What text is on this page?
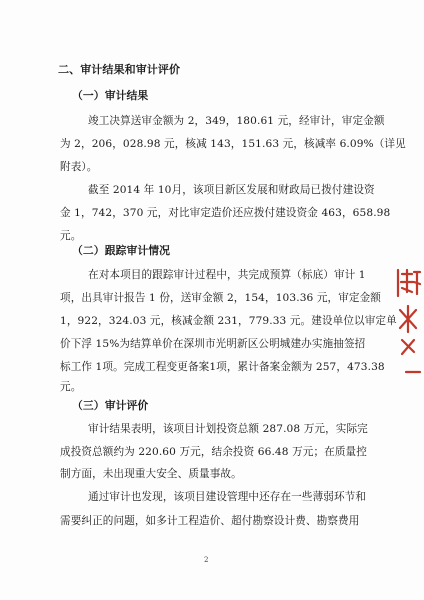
二、审计结果和审计评价
（一）审计结果
竣工决算送审金额为 2，349，180.61 元，经审计，审定金额
为 2，206，028.98 元，核减 143，151.63 元，核减率 6.09%（详见
附表）。
截至 2014 年 10月，该项目新区发展和财政局已拨付建设资
金 1，742，370 元，对比审定造价还应拨付建设资金 463，658.98
元。
（二）跟踪审计情况
在对本项目的跟踪审计过程中，共完成预算（标底）审计 1
项，出具审计报告 1 份，送审金额 2，154，103.36 元，审定金额
1，922，324.03 元，核减金额 231，779.33 元。建设单位以审定单
价下浮 15%为结算单价在深圳市光明新区公明城建办实施抽签招
标工作 1项。完成工程变更备案1项，累计备案金额为 257，473.38
元。
（三）审计评价
审计结果表明，该项目计划投资总额 287.08 万元，实际完
成投资总额约为 220.60 万元，结余投资 66.48 万元；在质量控
制方面，未出现重大安全、质量事故。
通过审计也发现，该项目建设管理中还存在一些薄弱环节和
需要纠正的问题，如多计工程造价、超付勘察设计费、勘察费用
2
